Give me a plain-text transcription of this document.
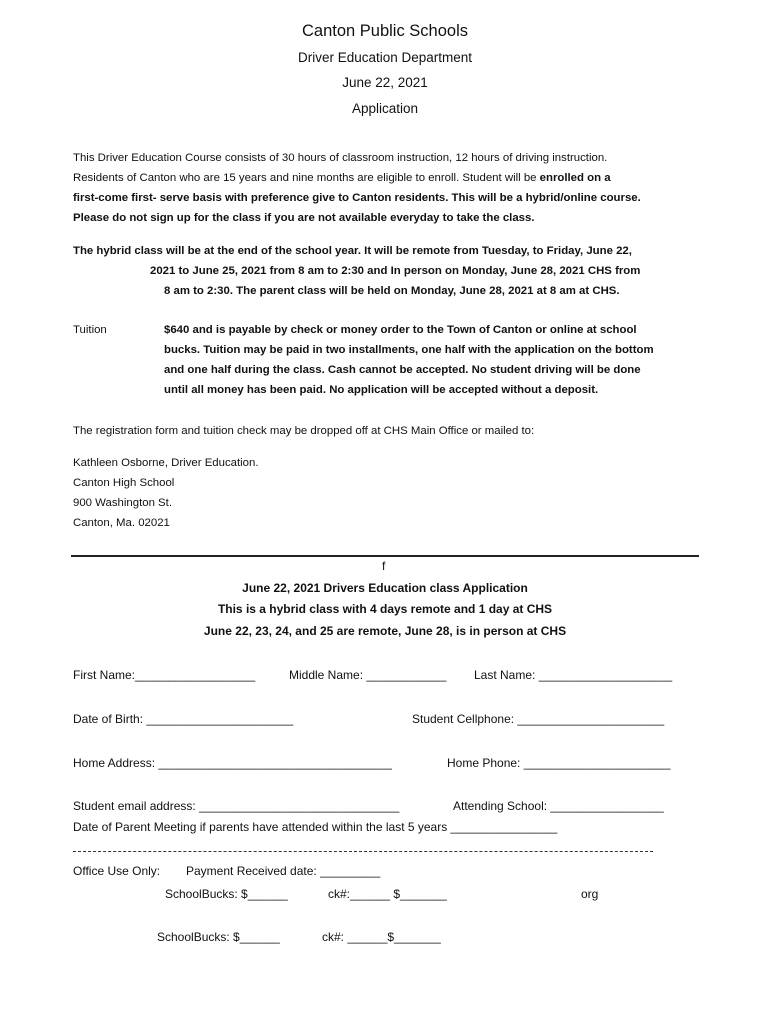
Canton Public Schools
Driver Education Department
June 22, 2021
Application
This Driver Education Course consists of 30 hours of classroom instruction, 12 hours of driving instruction.
Residents of Canton who are 15 years and nine months are eligible to enroll. Student will be enrolled on a
first-come first- serve basis with preference give to Canton residents. This will be a hybrid/online course.
Please do not sign up for the class if you are not available everyday to take the class.
The hybrid class will be at the end of the school year. It will be remote from Tuesday, to Friday, June 22,
2021 to June 25, 2021 from 8 am to 2:30 and In person on Monday, June 28, 2021 CHS from
8 am to 2:30. The parent class will be held on Monday, June 28, 2021 at 8 am at CHS.
Tuition	$640 and is payable by check or money order to the Town of Canton or online at school
bucks. Tuition may be paid in two installments, one half with the application on the bottom
and one half during the class. Cash cannot be accepted. No student driving will be done
until all money has been paid. No application will be accepted without a deposit.
The registration form and tuition check may be dropped off at CHS Main Office or mailed to:
Kathleen Osborne, Driver Education.
Canton High School
900 Washington St.
Canton, Ma. 02021
f
June 22, 2021 Drivers Education class Application
This is a hybrid class with 4 days remote and 1 day at CHS
June 22, 23, 24, and 25 are remote, June 28, is in person at CHS
First Name:__________________	Middle Name: ____________ Last Name: ____________________
Date of Birth: ______________________	Student Cellphone: ______________________
Home Address: ___________________________________	Home Phone: ______________________
Student email address: ______________________________	Attending School: _________________
Date of Parent Meeting if parents have attended within the last 5 years ________________
Office Use Only: Payment Received date: _________
SchoolBucks: $______	ck#:______ $_______	org
SchoolBucks: $______	ck#: ______$_______
